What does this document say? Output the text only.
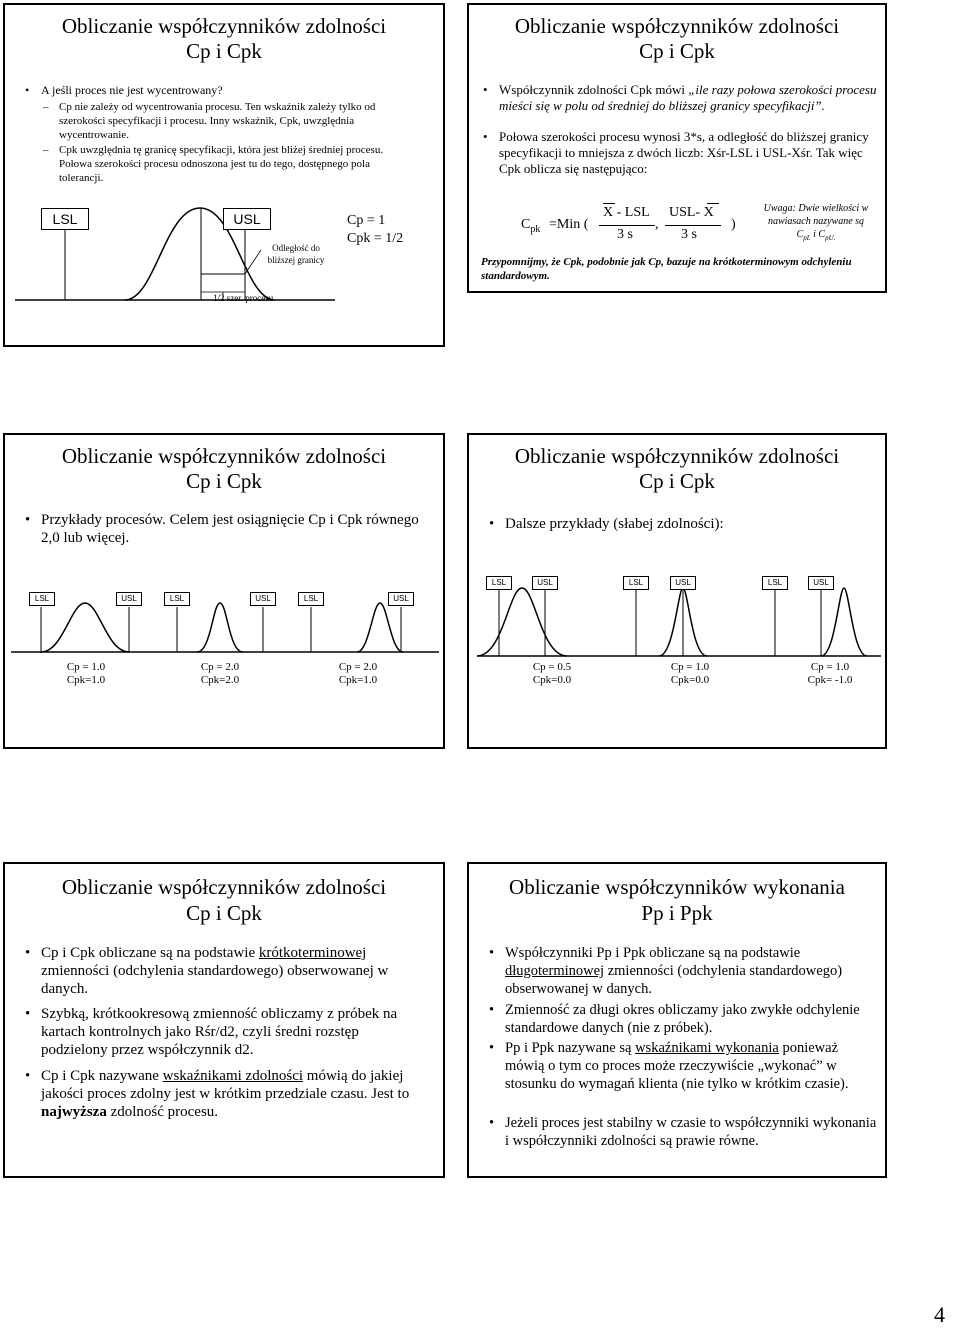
Obliczanie współczynników zdolności
Cp i Cpk
• A jeśli proces nie jest wycentrowany?
– Cp nie zależy od wycentrowania procesu. Ten wskaźnik zależy tylko od szerokości specyfikacji i procesu. Inny wskaźnik, Cpk, uwzględnia wycentrowanie.
– Cpk uwzględnia tę granicę specyfikacji, która jest bliżej średniej procesu. Połowa szerokości procesu odnoszona jest tu do tego, dostępnego pola tolerancji.
LSL	USL
Odległość do
bliższej granicy
Cp = 1
Cpk = 1/2
1/2 szer. procesu
Obliczanie współczynników zdolności
Cp i Cpk
• Współczynnik zdolności Cpk mówi „ile razy połowa szerokości procesu mieści się w polu od średniej do bliższej granicy specyfikacji”.
• Połowa szerokości procesu wynosi 3*s, a odległość do bliższej granicy specyfikacji to mniejsza z dwóch liczb: Xśr-LSL i USL-Xśr. Tak więc Cpk oblicza się następująco:
$C_{pk} =Min$ (
X - LSL
3 s
,
USL- X
3 s
)
Uwaga: Dwie wielkości w
nawiasach nazywane są
$C_{pL}$ i $C_{pU.}$
Przypomnijmy, że Cpk, podobnie jak Cp, bazuje na krótkoterminowym odchyleniu standardowym.
Obliczanie współczynników zdolności
Cp i Cpk
• Przykłady procesów. Celem jest osiągnięcie Cp i Cpk równego 2,0 lub więcej.
LSL	USL	LSL	USL	LSL	USL
Cp = 1.0
Cpk=1.0
Cp = 2.0
Cpk=2.0
Cp = 2.0
Cpk=1.0
Obliczanie współczynników zdolności
Cp i Cpk
• Dalsze przykłady (słabej zdolności):
LSL	USL	LSL	USL	LSL	USL
Cp = 0.5
Cpk=0.0
Cp = 1.0
Cpk=0.0
Cp = 1.0
Cpk= -1.0
Obliczanie współczynników zdolności
Cp i Cpk
• Cp i Cpk obliczane są na podstawie krótkoterminowej zmienności (odchylenia standardowego) obserwowanej w danych.
• Szybką, krótkookresową zmienność obliczamy z próbek na kartach kontrolnych jako Rśr/d2, czyli średni rozstęp podzielony przez współczynnik d2.
• Cp i Cpk nazywane wskaźnikami zdolności mówią do jakiej jakości proces zdolny jest w krótkim przedziale czasu. Jest to najwyższa zdolność procesu.
Obliczanie współczynników wykonania
Pp i Ppk
• Współczynniki Pp i Ppk obliczane są na podstawie długoterminowej zmienności (odchylenia standardowego) obserwowanej w danych.
• Zmienność za długi okres obliczamy jako zwykłe odchylenie standardowe danych (nie z próbek).
• Pp i Ppk nazywane są wskaźnikami wykonania ponieważ mówią o tym co proces może rzeczywiście „wykonać” w stosunku do wymagań klienta (nie tylko w krótkim czasie).
• Jeżeli proces jest stabilny w czasie to współczynniki wykonania i współczynniki zdolności są prawie równe.
4
